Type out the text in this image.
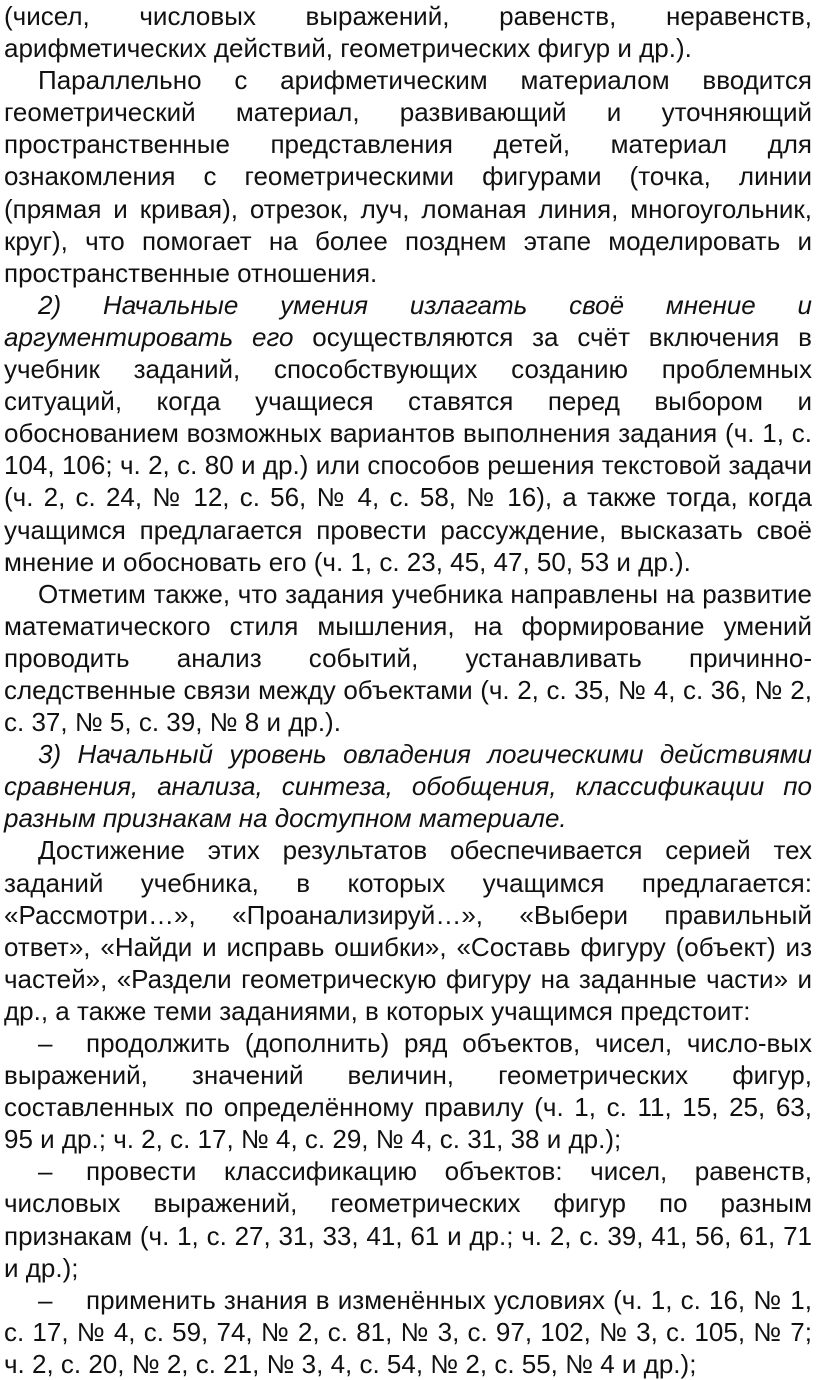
(чисел, числовых выражений, равенств, неравенств, арифметических действий, геометрических фигур и др.).

Параллельно с арифметическим материалом вводится геометрический материал, развивающий и уточняющий пространственные представления детей, материал для ознакомления с геометрическими фигурами (точка, линии (прямая и кривая), отрезок, луч, ломаная линия, многоугольник, круг), что помогает на более позднем этапе моделировать и пространственные отношения.

2) Начальные умения излагать своё мнение и аргументировать его осуществляются за счёт включения в учебник заданий, способствующих созданию проблемных ситуаций, когда учащиеся ставятся перед выбором и обоснованием возможных вариантов выполнения задания (ч. 1, с. 104, 106; ч. 2, с. 80 и др.) или способов решения текстовой задачи (ч. 2, с. 24, № 12, с. 56, № 4, с. 58, № 16), а также тогда, когда учащимся предлагается провести рассуждение, высказать своё мнение и обосновать его (ч. 1, с. 23, 45, 47, 50, 53 и др.).

Отметим также, что задания учебника направлены на развитие математического стиля мышления, на формирование умений проводить анализ событий, устанавливать причинно-следственные связи между объектами (ч. 2, с. 35, № 4, с. 36, № 2, с. 37, № 5, с. 39, № 8 и др.).

3) Начальный уровень овладения логическими действиями сравнения, анализа, синтеза, обобщения, классификации по разным признакам на доступном материале.

Достижение этих результатов обеспечивается серией тех заданий учебника, в которых учащимся предлагается: «Рассмотри…», «Проанализируй…», «Выбери правильный ответ», «Найди и исправь ошибки», «Составь фигуру (объект) из частей», «Раздели геометрическую фигуру на заданные части» и др., а также теми заданиями, в которых учащимся предстоит:

– продолжить (дополнить) ряд объектов, чисел, число-вых выражений, значений величин, геометрических фигур, составленных по определённому правилу (ч. 1, с. 11, 15, 25, 63, 95 и др.; ч. 2, с. 17, № 4, с. 29, № 4, с. 31, 38 и др.);

– провести классификацию объектов: чисел, равенств, числовых выражений, геометрических фигур по разным признакам (ч. 1, с. 27, 31, 33, 41, 61 и др.; ч. 2, с. 39, 41, 56, 61, 71 и др.);

– применить знания в изменённых условиях (ч. 1, с. 16, № 1, с. 17, № 4, с. 59, 74, № 2, с. 81, № 3, с. 97, 102, № 3, с. 105, № 7; ч. 2, с. 20, № 2, с. 21, № 3, 4, с. 54, № 2, с. 55, № 4 и др.);
